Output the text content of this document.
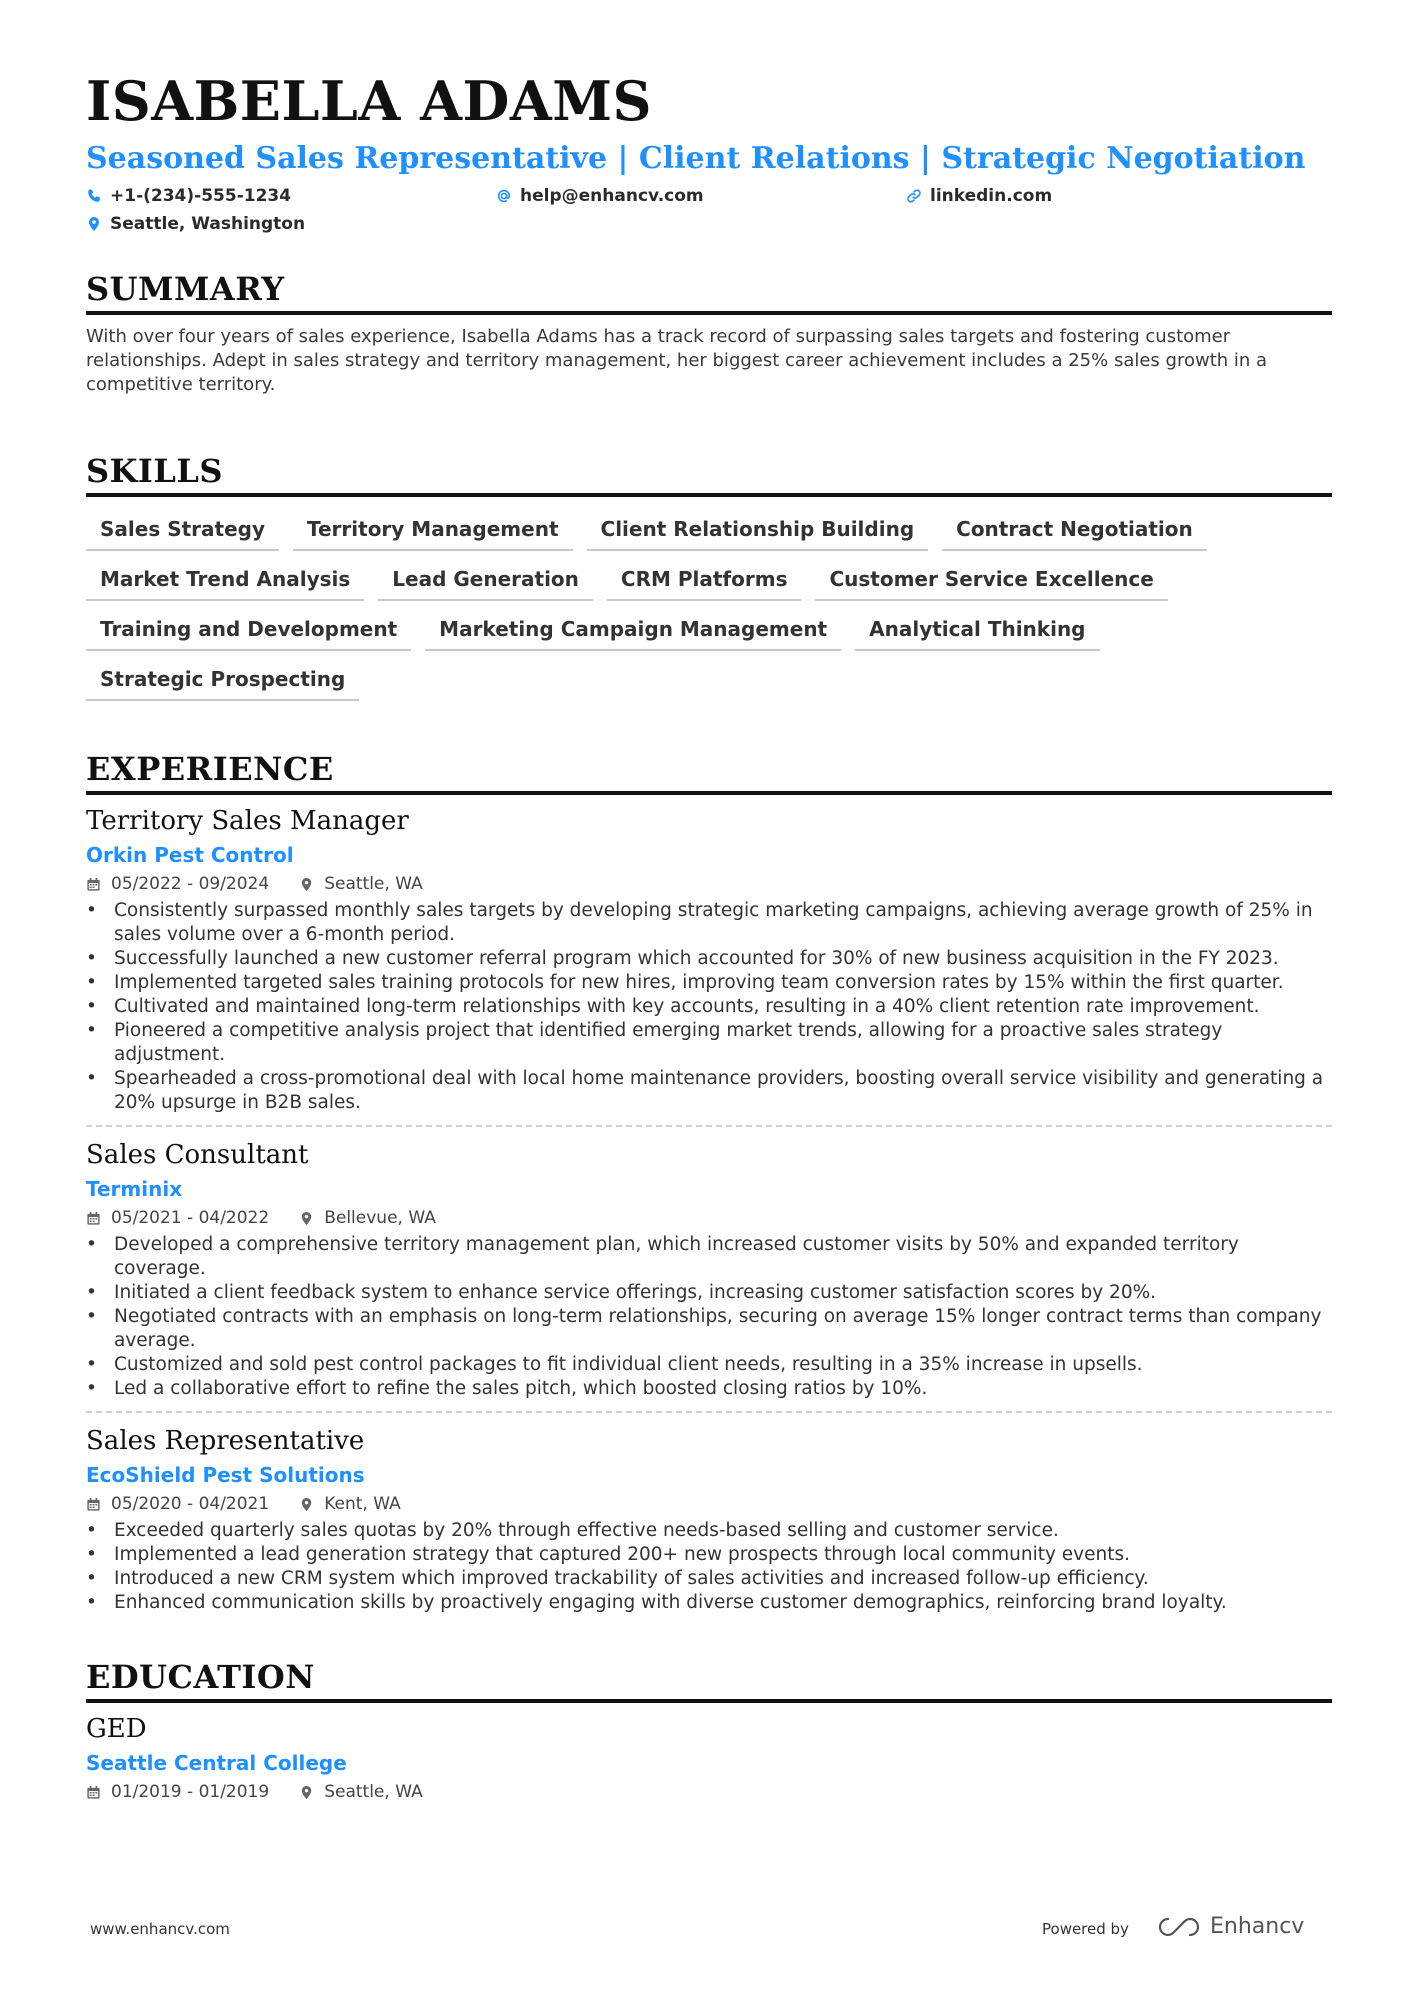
ISABELLA ADAMS
Seasoned Sales Representative | Client Relations | Strategic Negotiation
+1-(234)-555-1234	help@enhancv.com	linkedin.com
Seattle, Washington
SUMMARY
With over four years of sales experience, Isabella Adams has a track record of surpassing sales targets and fostering customer relationships. Adept in sales strategy and territory management, her biggest career achievement includes a 25% sales growth in a competitive territory.
SKILLS
Sales Strategy	Territory Management	Client Relationship Building	Contract Negotiation
Market Trend Analysis	Lead Generation	CRM Platforms	Customer Service Excellence
Training and Development	Marketing Campaign Management	Analytical Thinking
Strategic Prospecting
EXPERIENCE
Territory Sales Manager
Orkin Pest Control
05/2022 - 09/2024	Seattle, WA
• Consistently surpassed monthly sales targets by developing strategic marketing campaigns, achieving average growth of 25% in sales volume over a 6-month period.
• Successfully launched a new customer referral program which accounted for 30% of new business acquisition in the FY 2023.
• Implemented targeted sales training protocols for new hires, improving team conversion rates by 15% within the first quarter.
• Cultivated and maintained long-term relationships with key accounts, resulting in a 40% client retention rate improvement.
• Pioneered a competitive analysis project that identified emerging market trends, allowing for a proactive sales strategy adjustment.
• Spearheaded a cross-promotional deal with local home maintenance providers, boosting overall service visibility and generating a 20% upsurge in B2B sales.
Sales Consultant
Terminix
05/2021 - 04/2022	Bellevue, WA
• Developed a comprehensive territory management plan, which increased customer visits by 50% and expanded territory coverage.
• Initiated a client feedback system to enhance service offerings, increasing customer satisfaction scores by 20%.
• Negotiated contracts with an emphasis on long-term relationships, securing on average 15% longer contract terms than company average.
• Customized and sold pest control packages to fit individual client needs, resulting in a 35% increase in upsells.
• Led a collaborative effort to refine the sales pitch, which boosted closing ratios by 10%.
Sales Representative
EcoShield Pest Solutions
05/2020 - 04/2021	Kent, WA
• Exceeded quarterly sales quotas by 20% through effective needs-based selling and customer service.
• Implemented a lead generation strategy that captured 200+ new prospects through local community events.
• Introduced a new CRM system which improved trackability of sales activities and increased follow-up efficiency.
• Enhanced communication skills by proactively engaging with diverse customer demographics, reinforcing brand loyalty.
EDUCATION
GED
Seattle Central College
01/2019 - 01/2019	Seattle, WA
www.enhancv.com	Powered by	Enhancv
